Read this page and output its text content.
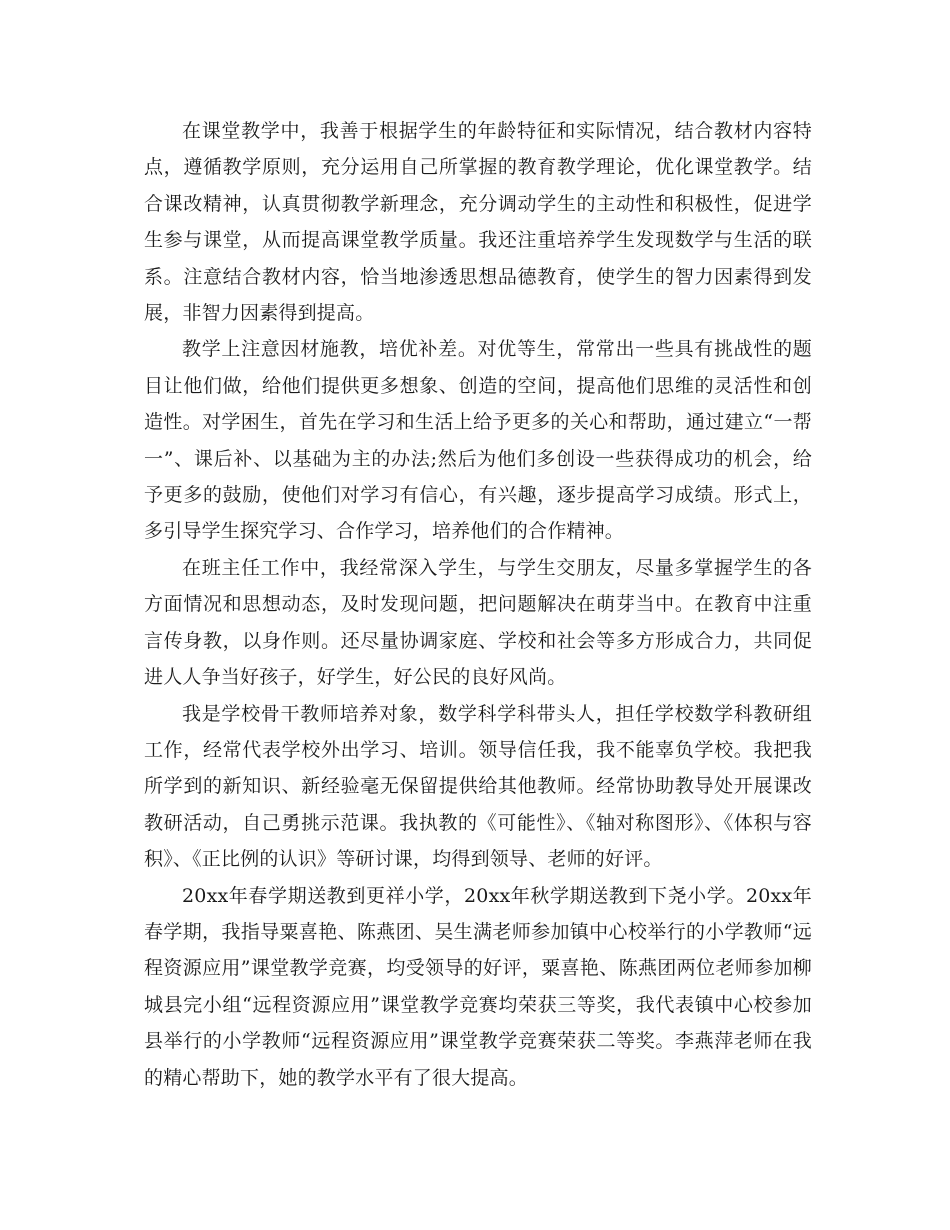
在课堂教学中，我善于根据学生的年龄特征和实际情况，结合教材内容特点，遵循教学原则，充分运用自己所掌握的教育教学理论，优化课堂教学。结合课改精神，认真贯彻教学新理念，充分调动学生的主动性和积极性，促进学生参与课堂，从而提高课堂教学质量。我还注重培养学生发现数学与生活的联系。注意结合教材内容，恰当地渗透思想品德教育，使学生的智力因素得到发展，非智力因素得到提高。

教学上注意因材施教，培优补差。对优等生，常常出一些具有挑战性的题目让他们做，给他们提供更多想象、创造的空间，提高他们思维的灵活性和创造性。对学困生，首先在学习和生活上给予更多的关心和帮助，通过建立“一帮一”、课后补、以基础为主的办法;然后为他们多创设一些获得成功的机会，给予更多的鼓励，使他们对学习有信心，有兴趣，逐步提高学习成绩。形式上，多引导学生探究学习、合作学习，培养他们的合作精神。

在班主任工作中，我经常深入学生，与学生交朋友，尽量多掌握学生的各方面情况和思想动态，及时发现问题，把问题解决在萌芽当中。在教育中注重言传身教，以身作则。还尽量协调家庭、学校和社会等多方形成合力，共同促进人人争当好孩子，好学生，好公民的良好风尚。

我是学校骨干教师培养对象，数学科学科带头人，担任学校数学科教研组工作，经常代表学校外出学习、培训。领导信任我，我不能辜负学校。我把我所学到的新知识、新经验毫无保留提供给其他教师。经常协助教导处开展课改教研活动，自己勇挑示范课。我执教的《可能性》、《轴对称图形》、《体积与容积》、《正比例的认识》等研讨课，均得到领导、老师的好评。

20xx年春学期送教到更祥小学，20xx年秋学期送教到下尧小学。20xx年春学期，我指导粟喜艳、陈燕团、吴生满老师参加镇中心校举行的小学教师“远程资源应用”课堂教学竞赛，均受领导的好评，粟喜艳、陈燕团两位老师参加柳城县完小组“远程资源应用”课堂教学竞赛均荣获三等奖，我代表镇中心校参加县举行的小学教师“远程资源应用”课堂教学竞赛荣获二等奖。李燕萍老师在我的精心帮助下，她的教学水平有了很大提高。
